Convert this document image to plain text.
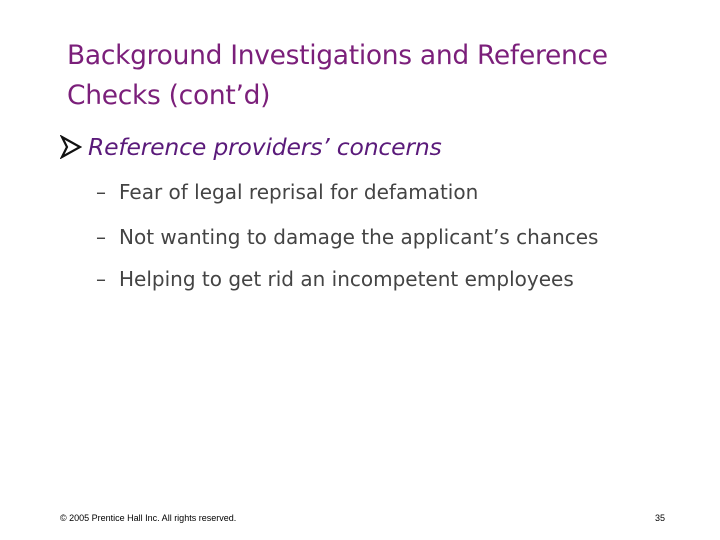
Background Investigations and Reference
Checks (cont’d)
Reference providers’ concerns
– Fear of legal reprisal for defamation
– Not wanting to damage the applicant’s chances
– Helping to get rid an incompetent employees
© 2005 Prentice Hall Inc. All rights reserved.	35
